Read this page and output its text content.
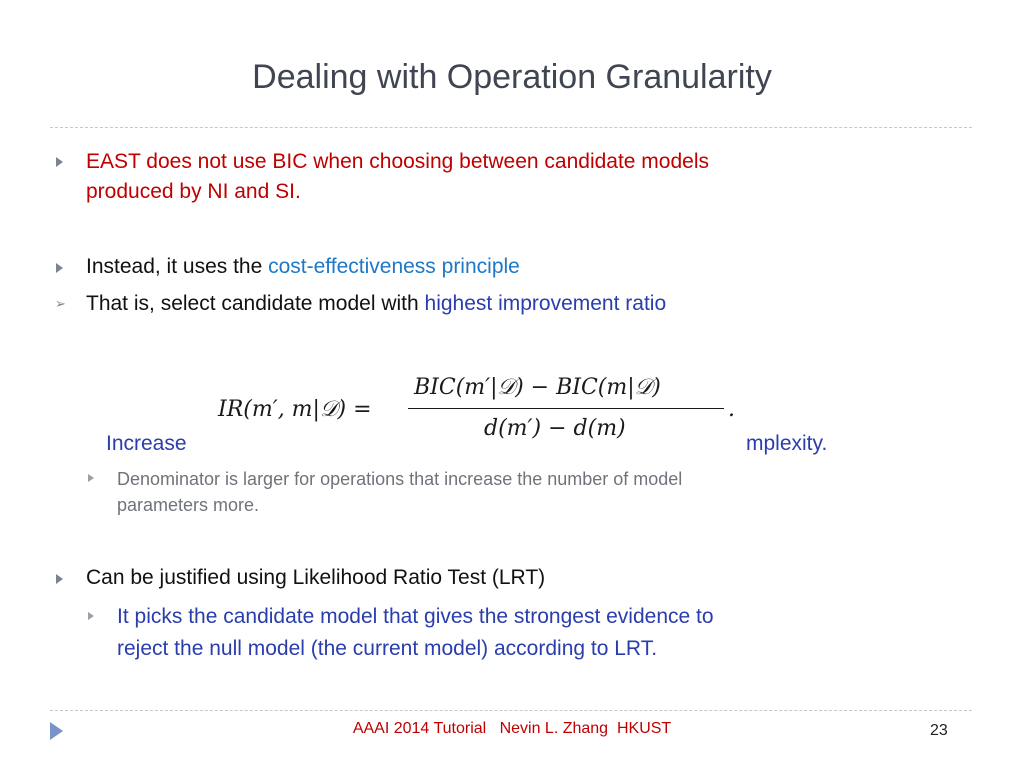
Dealing with Operation Granularity
EAST does not use BIC when choosing between candidate models
produced by NI and SI.
Instead, it uses the cost-effectiveness principle
➢ That is, select candidate model with highest improvement ratio
Increase	mplexity.
IR(m′, m|𝒟) =
BIC(m′|𝒟) − BIC(m|𝒟)
d(m′) − d(m)
.
Denominator is larger for operations that increase the number of model
parameters more.
Can be justified using Likelihood Ratio Test (LRT)
It picks the candidate model that gives the strongest evidence to
reject the null model (the current model) according to LRT.
AAAI 2014 Tutorial   Nevin L. Zhang  HKUST	23
